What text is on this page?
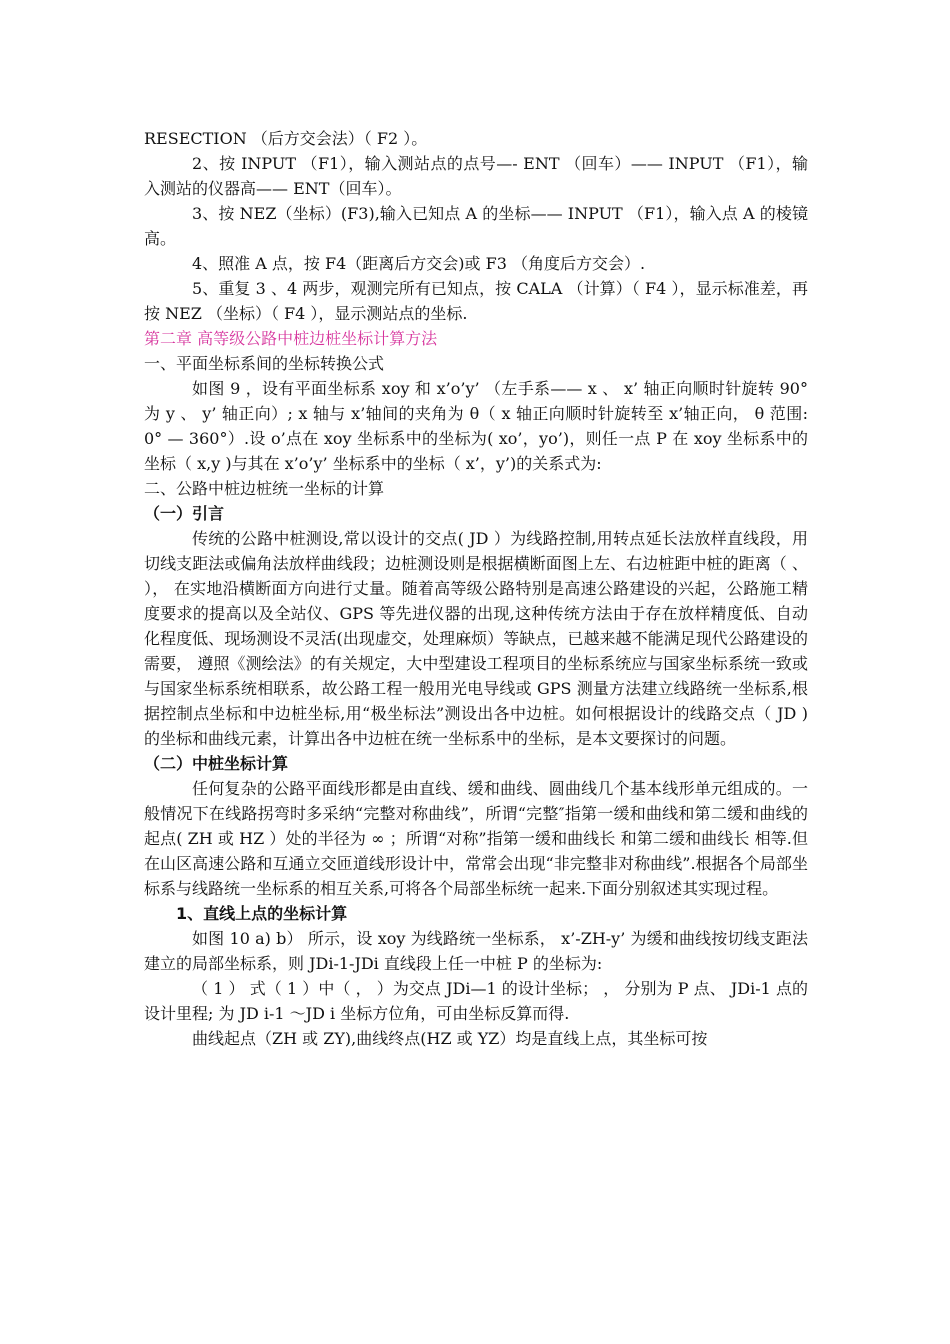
RESECTION （后方交会法）（ F2 ）。

2、按 INPUT （F1），输入测站点的点号—- ENT （回车）—— INPUT （F1），输入测站的仪器高—— ENT（回车）。

3、按 NEZ（坐标）(F3),输入已知点 A 的坐标—— INPUT （F1），输入点 A 的棱镜高。

4、照准 A 点，按 F4（距离后方交会)或 F3 （角度后方交会）.

5、重复 3 、4 两步，观测完所有已知点，按 CALA （计算）（ F4 ），显示标准差，再按 NEZ （坐标）（ F4 ），显示测站点的坐标.

第二章 高等级公路中桩边桩坐标计算方法

一、平面坐标系间的坐标转换公式

如图 9 ，设有平面坐标系 xoy 和 x’o’y’ （左手系—— x 、 x’ 轴正向顺时针旋转 90° 为 y 、 y’ 轴正向）; x 轴与 x’轴间的夹角为 θ（ x 轴正向顺时针旋转至 x’轴正向， θ 范围: 0° — 360°）.设 o’点在 xoy 坐标系中的坐标为( xo’，yo’)，则任一点 P 在 xoy 坐标系中的坐标（ x,y )与其在 x’o’y’ 坐标系中的坐标（ x’，y’)的关系式为:

二、公路中桩边桩统一坐标的计算

（一）引言

传统的公路中桩测设,常以设计的交点( JD ）为线路控制,用转点延长法放样直线段，用切线支距法或偏角法放样曲线段；边桩测设则是根据横断面图上左、右边桩距中桩的距离（ 、 ）， 在实地沿横断面方向进行丈量。随着高等级公路特别是高速公路建设的兴起，公路施工精度要求的提高以及全站仪、GPS 等先进仪器的出现,这种传统方法由于存在放样精度低、自动化程度低、现场测设不灵活(出现虚交，处理麻烦）等缺点，已越来越不能满足现代公路建设的需要， 遵照《测绘法》的有关规定，大中型建设工程项目的坐标系统应与国家坐标系统一致或与国家坐标系统相联系，故公路工程一般用光电导线或 GPS 测量方法建立线路统一坐标系,根据控制点坐标和中边桩坐标,用“极坐标法”测设出各中边桩。如何根据设计的线路交点（ JD )的坐标和曲线元素，计算出各中边桩在统一坐标系中的坐标，是本文要探讨的问题。

（二）中桩坐标计算

任何复杂的公路平面线形都是由直线、缓和曲线、圆曲线几个基本线形单元组成的。一般情况下在线路拐弯时多采纳“完整对称曲线”，所谓“完整″指第一缓和曲线和第二缓和曲线的起点( ZH 或 HZ ）处的半径为 ∞ ；所谓“对称”指第一缓和曲线长 和第二缓和曲线长 相等.但在山区高速公路和互通立交匝道线形设计中，常常会出现“非完整非对称曲线”.根据各个局部坐标系与线路统一坐标系的相互关系,可将各个局部坐标统一起来.下面分别叙述其实现过程。

1、直线上点的坐标计算

如图 10 a) b） 所示，设 xoy 为线路统一坐标系， x’-ZH-y’ 为缓和曲线按切线支距法建立的局部坐标系，则 JDi-1-JDi 直线段上任一中桩 P 的坐标为:

（ 1 ） 式（ 1 ）中（ ， ）为交点 JDi—1 的设计坐标； ， 分别为 P 点、 JDi-1 点的设计里程; 为 JD i-1 ～JD i 坐标方位角，可由坐标反算而得.

曲线起点（ZH 或 ZY),曲线终点(HZ 或 YZ）均是直线上点，其坐标可按
